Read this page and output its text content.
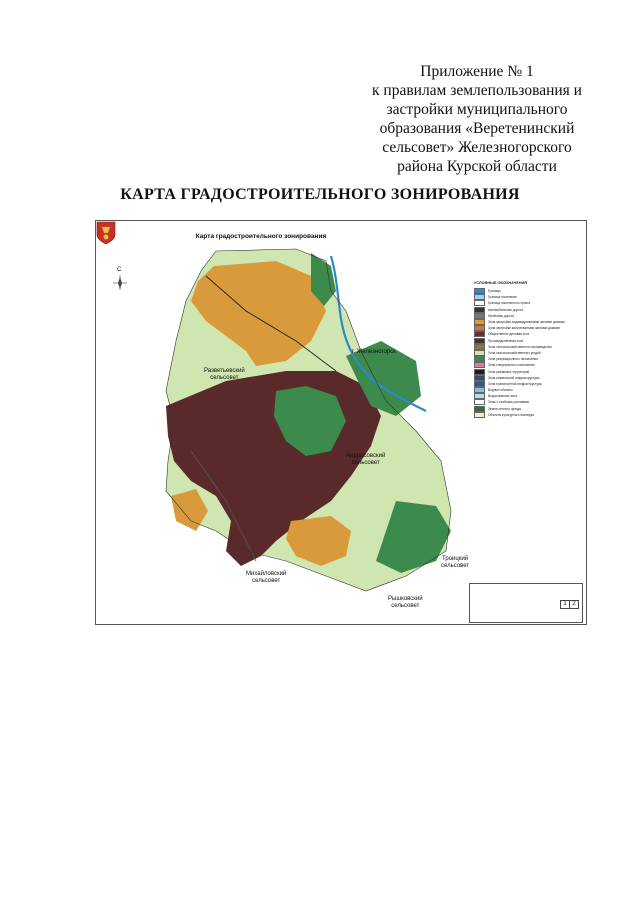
Приложение № 1
к правилам землепользования и
застройки муниципального
образования «Веретенинский
сельсовет» Железногорского
района Курской области
КАРТА ГРАДОСТРОИТЕЛЬНОГО ЗОНИРОВАНИЯ
Карта градостроительного зонирования
С
Разветьевский
сельсовет
г. Железногорск
Андросовский
сельсовет
Михайловский
сельсовет
Троицкий
сельсовет
Рышковский
сельсовет
УСЛОВНЫЕ ОБОЗНАЧЕНИЯ
Границы
Граница поселения
Граница населенного пункта
Автомобильные дороги
Железная дорога
Зона застройки индивидуальными жилыми домами
Зона застройки малоэтажными жилыми домами
Общественно-деловая зона
Производственная зона
Зона сельскохозяйственного производства
Зона сельскохозяйственных угодий
Зона рекреационного назначения
Зона специального назначения
Зона режимных территорий
Зона инженерной инфраструктуры
Зона транспортной инфраструктуры
Водные объекты
Водоохранная зона
Зоны с особыми условиями
Земли лесного фонда
Объекты культурного наследия
1 2
